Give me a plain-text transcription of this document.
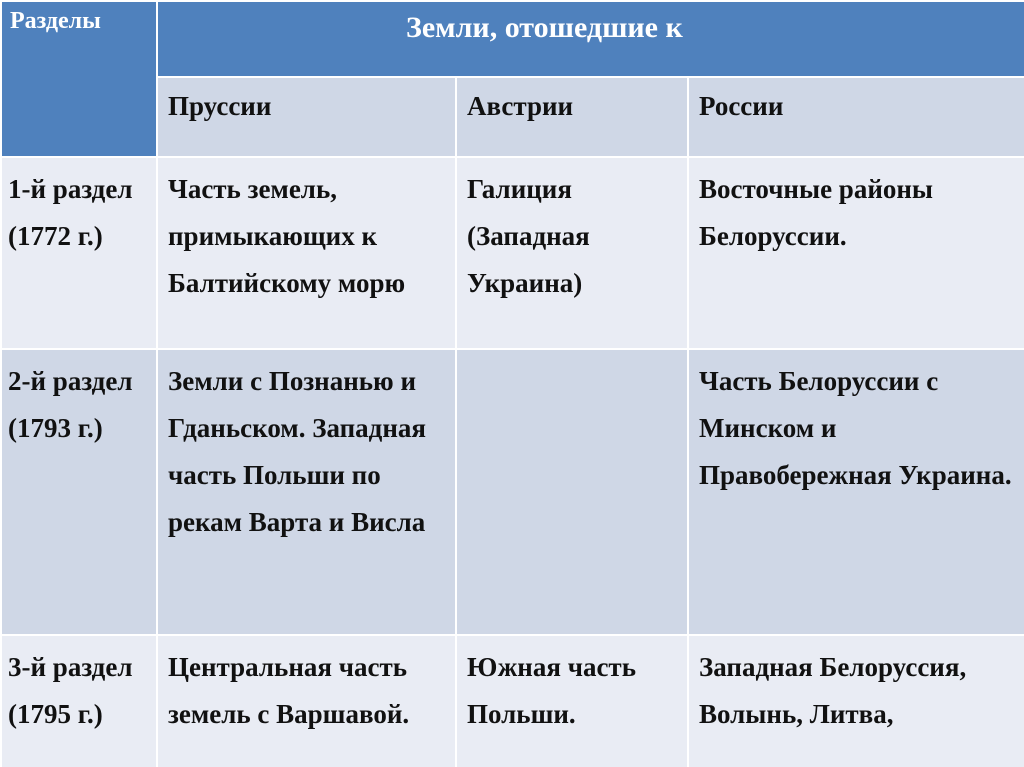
Разделы	Земли, отошедшие к		
	Пруссии	Австрии	России
1-й раздел (1772 г.)	Часть земель, примыкающих к Балтийскому морю	Галиция (Западная Украина)	Восточные районы Белоруссии.
2-й раздел (1793 г.)	Земли с Познанью и Гданьском. Западная часть Польши по рекам Варта и Висла		Часть Белоруссии с Минском и Правобережная Украина.
3-й раздел (1795 г.)	Центральная часть земель с Варшавой.	Южная часть Польши.	Западная Белоруссия, Волынь, Литва,
